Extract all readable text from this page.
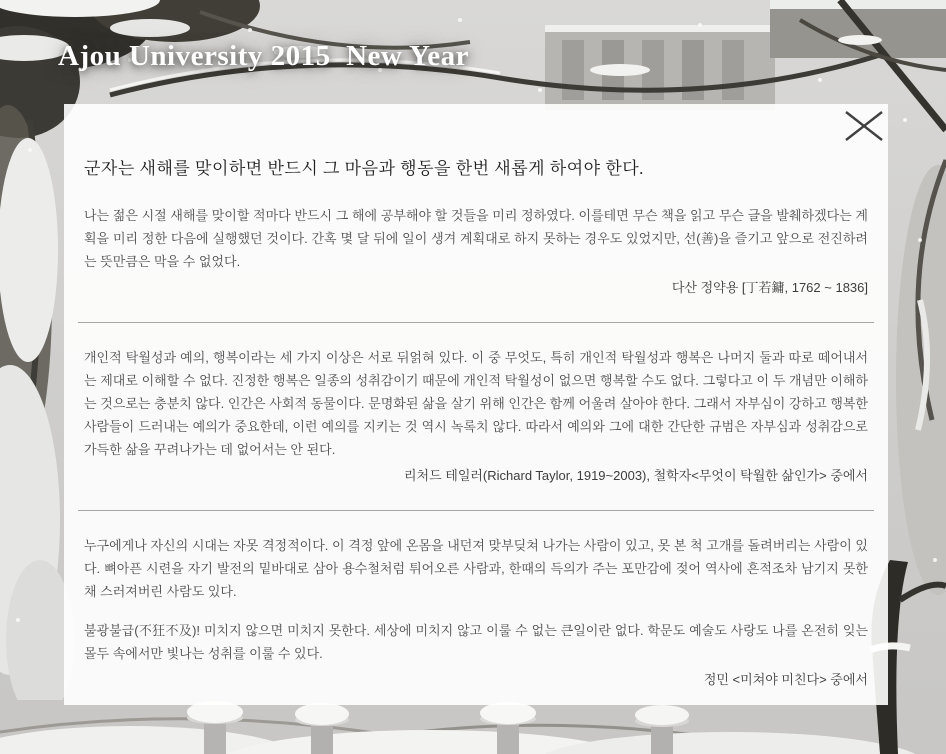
Ajou University 2015  New Year
군자는 새해를 맞이하면 반드시 그 마음과 행동을 한번 새롭게 하여야 한다.

나는 젊은 시절 새해를 맞이할 적마다 반드시 그 해에 공부해야 할 것들을 미리 정하였다. 이를테면 무슨 책을 읽고 무슨 글을 발췌하겠다는 계획을 미리 정한 다음에 실행했던 것이다. 간혹 몇 달 뒤에 일이 생겨 계획대로 하지 못하는 경우도 있었지만, 선(善)을 즐기고 앞으로 전진하려는 뜻만큼은 막을 수 없었다.

다산 정약용 [丁若鏞, 1762 ~ 1836]

개인적 탁월성과 예의, 행복이라는 세 가지 이상은 서로 뒤얽혀 있다. 이 중 무엇도, 특히 개인적 탁월성과 행복은 나머지 둘과 따로 떼어내서는 제대로 이해할 수 없다. 진정한 행복은 일종의 성취감이기 때문에 개인적 탁월성이 없으면 행복할 수도 없다. 그렇다고 이 두 개념만 이해하는 것으로는 충분치 않다. 인간은 사회적 동물이다. 문명화된 삶을 살기 위해 인간은 함께 어울려 살아야 한다. 그래서 자부심이 강하고 행복한 사람들이 드러내는 예의가 중요한데, 이런 예의를 지키는 것 역시 녹록치 않다. 따라서 예의와 그에 대한 간단한 규범은 자부심과 성취감으로 가득한 삶을 꾸려나가는 데 없어서는 안 된다.

리처드 테일러(Richard Taylor, 1919~2003), 철학자<무엇이 탁월한 삶인가> 중에서

누구에게나 자신의 시대는 자못 격정적이다. 이 격정 앞에 온몸을 내던져 맞부딪쳐 나가는 사람이 있고, 못 본 척 고개를 돌려버리는 사람이 있다. 뼈아픈 시련을 자기 발전의 밑바대로 삼아 용수철처럼 튀어오른 사람과, 한때의 득의가 주는 포만감에 젖어 역사에 흔적조차 남기지 못한 채 스러져버린 사람도 있다.

불광불급(不狂不及)! 미치지 않으면 미치지 못한다. 세상에 미치지 않고 이룰 수 없는 큰일이란 없다. 학문도 예술도 사랑도 나를 온전히 잊는 몰두 속에서만 빛나는 성취를 이룰 수 있다.

정민 <미쳐야 미친다> 중에서
